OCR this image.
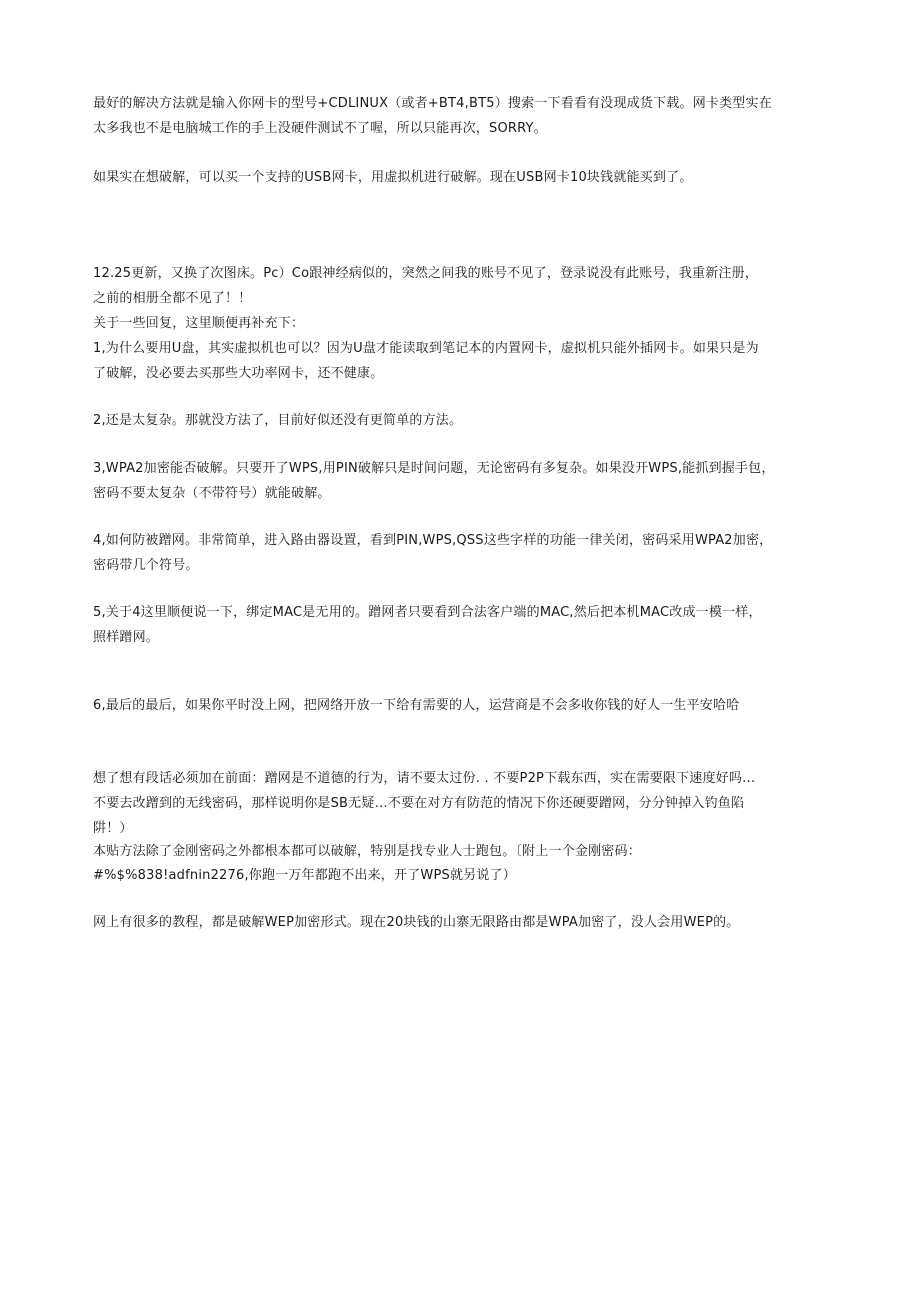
最好的解决方法就是输入你网卡的型号+CDLINUX（或者+BT4,BT5）搜索一下看看有没现成货下载。网卡类型实在
太多我也不是电脑城工作的手上没硬件测试不了喔，所以只能再次，SORRY。
如果实在想破解，可以买一个支持的USB网卡，用虚拟机进行破解。现在USB网卡10块钱就能买到了。
12.25更新，又换了次图床。Pc）Co跟神经病似的，突然之间我的账号不见了，登录说没有此账号，我重新注册，
之前的相册全都不见了！！
关于一些回复，这里顺便再补充下：
1,为什么要用U盘，其实虚拟机也可以？因为U盘才能读取到笔记本的内置网卡，虚拟机只能外插网卡。如果只是为
了破解，没必要去买那些大功率网卡，还不健康。
2,还是太复杂。那就没方法了，目前好似还没有更简单的方法。
3,WPA2加密能否破解。只要开了WPS,用PIN破解只是时间问题，无论密码有多复杂。如果没开WPS,能抓到握手包，
密码不要太复杂（不带符号）就能破解。
4,如何防被蹭网。非常简单，进入路由器设置，看到PIN,WPS,QSS这些字样的功能一律关闭，密码采用WPA2加密，
密码带几个符号。
5,关于4这里顺便说一下，绑定MAC是无用的。蹭网者只要看到合法客户端的MAC,然后把本机MAC改成一模一样，
照样蹭网。
6,最后的最后，如果你平时没上网，把网络开放一下给有需要的人，运营商是不会多收你钱的好人一生平安哈哈
想了想有段话必须加在前面：蹭网是不道德的行为，请不要太过份. . 不要P2P下载东西，实在需要限下速度好吗…
不要去改蹭到的无线密码，那样说明你是SB无疑…不要在对方有防范的情况下你还硬要蹭网，分分钟掉入钓鱼陷
阱！）
本贴方法除了金刚密码之外都根本都可以破解，特别是找专业人士跑包。〔附上一个金刚密码：
#%$%838!adfnin2276,你跑一万年都跑不出来，开了WPS就另说了）
网上有很多的教程，都是破解WEP加密形式。现在20块钱的山寨无限路由都是WPA加密了，没人会用WEP的。
